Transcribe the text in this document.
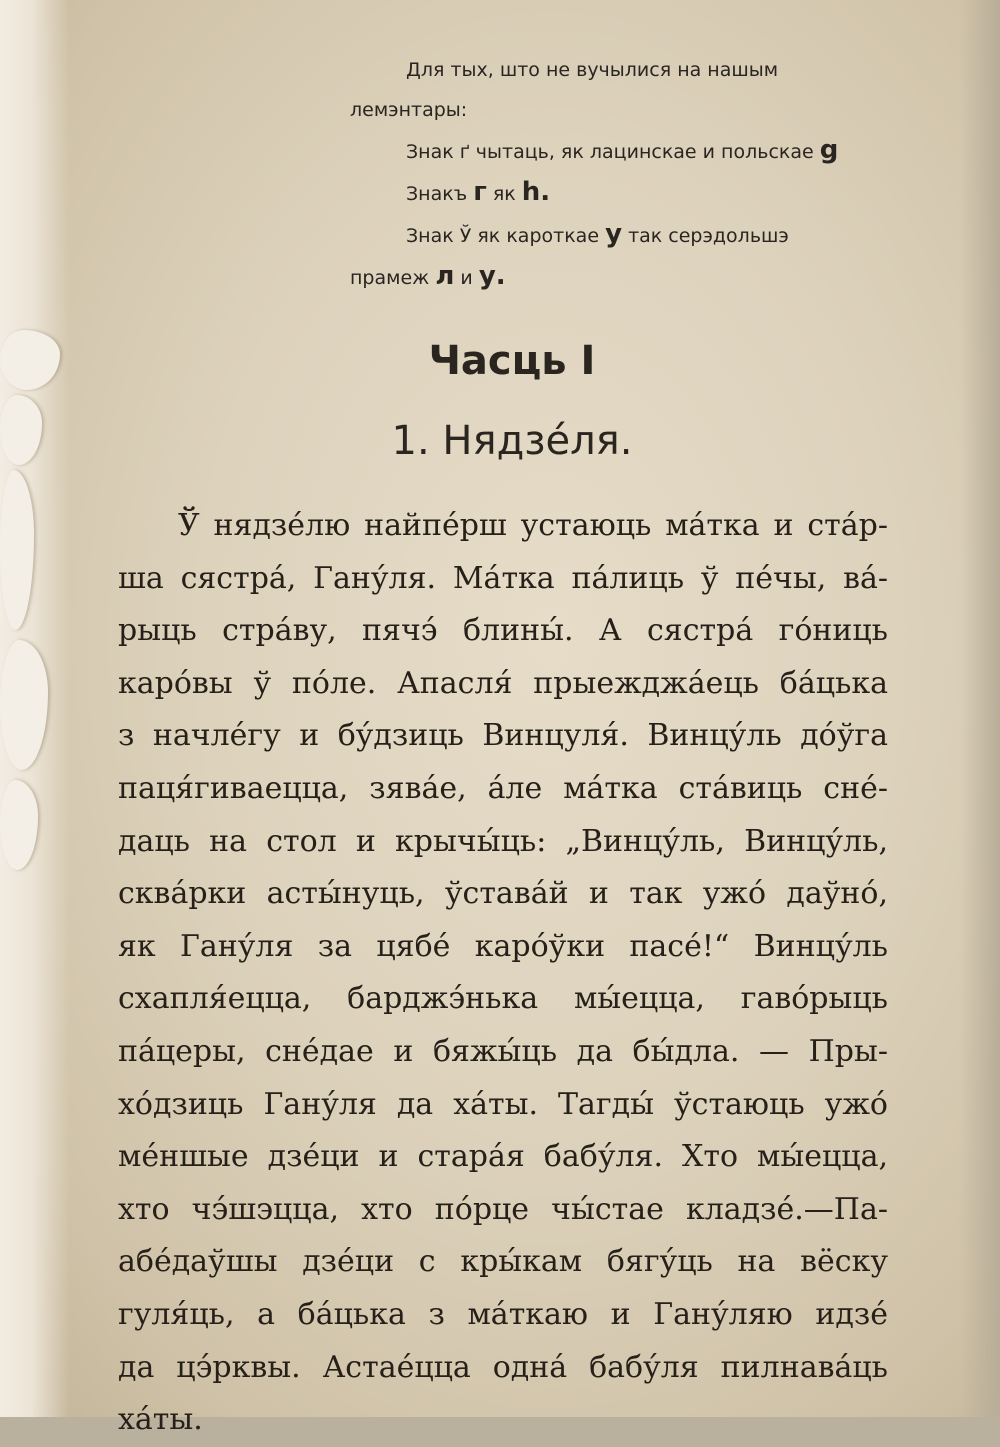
Для тых, што не вучылися на нашым
лемэнтары:
Знак ґ чытаць, як лацинскае и польскае g
Знакъ г як h.
Знак Ў як кароткае у так серэдольшэ
прамеж л и у.
Часць I
1. Нядзе́ля.
Ў нядзе́лю найпе́рш устаюць ма́тка и ста́р-
ша сястра́, Гану́ля. Ма́тка па́лиць ў пе́чы, ва́-
рыць стра́ву, пячэ́ блины́. А сястра́ го́ниць
каро́вы ў по́ле. Апасля́ прыежджа́ець ба́цька
з начле́гу и бу́дзиць Винцуля́. Винцу́ль до́ўга
паця́гиваецца, зява́е, а́ле ма́тка ста́виць сне́-
даць на стол и крычы́ць: „Винцу́ль, Винцу́ль,
сква́рки асты́нуць, ўстава́й и так ужо́ даўно́,
як Гану́ля за цябе́ каро́ўки пасе́!“ Винцу́ль
схапля́ецца, барджэ́нька мы́ецца, гаво́рыць
па́церы, сне́дае и бяжы́ць да бы́дла. — Пры-
хо́дзиць Гану́ля да ха́ты. Тагды́ ўстаюць ужо́
ме́ншые дзе́ци и стара́я бабу́ля. Хто мы́ецца,
хто чэ́шэцца, хто по́рце чы́стае кладзе́.—Па-
абе́даўшы дзе́ци с кры́кам бягу́ць на вёску
гуля́ць, а ба́цька з ма́ткаю и Гану́ляю идзе́
да цэ́рквы. Астае́цца одна́ бабу́ля пилнава́ць
ха́ты.
